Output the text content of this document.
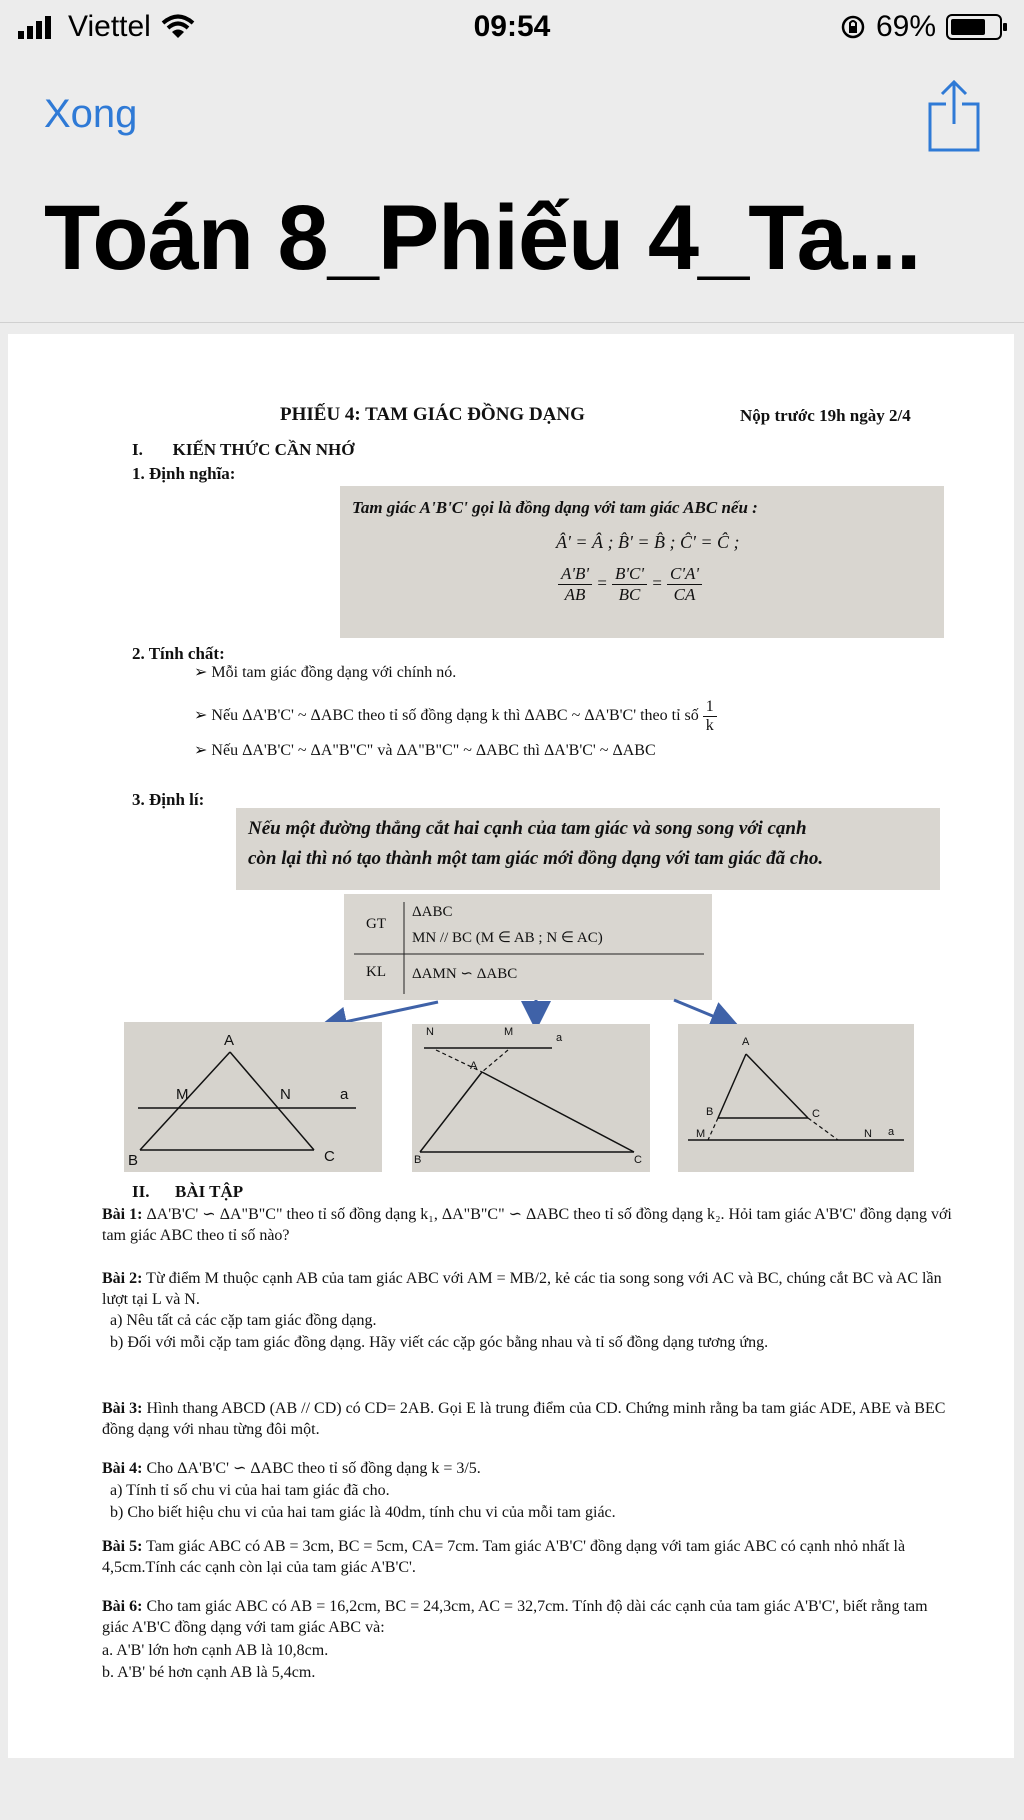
Viettel	09:54	69%
Xong
Toán 8_Phiếu 4_Ta...
PHIẾU 4: TAM GIÁC ĐỒNG DẠNG	Nộp trước 19h ngày 2/4
I.       KIẾN THỨC CẦN NHỚ
1. Định nghĩa:
Tam giác A'B'C' gọi là đồng dạng với tam giác ABC nếu :
Â' = Â ; B̂' = B̂ ; Ĉ' = Ĉ ;
$\frac{A'B'}{AB} = \frac{B'C'}{BC} = \frac{C'A'}{CA}$
2. Tính chất:
➢ Mỗi tam giác đồng dạng với chính nó.
➢ Nếu ΔA'B'C' ~ ΔABC theo tỉ số đồng dạng k thì ΔABC ~ ΔA'B'C' theo tỉ số $\frac{1}{k}$
➢ Nếu ΔA'B'C' ~ ΔA"B"C" và ΔA"B"C" ~ ΔABC thì ΔA'B'C' ~ ΔABC
3. Định lí:
Nếu một đường thẳng cắt hai cạnh của tam giác và song song với cạnh
còn lại thì nó tạo thành một tam giác mới đồng dạng với tam giác đã cho.
GT
ΔABC
MN // BC (M ∈ AB ; N ∈ AC)
KL ΔAMN ∽ ΔABC
A
M	N	a
B	C
N	M	a
A
B	C
A
B	C
M	N a
II.      BÀI TẬP
Bài 1: ΔA'B'C' ∽ ΔA"B"C" theo tỉ số đồng dạng k₁, ΔA"B"C" ∽ ΔABC theo tỉ số đồng dạng k₂. Hỏi tam giác A'B'C' đồng dạng với tam giác ABC theo tỉ số nào?
Bài 2: Từ điểm M thuộc cạnh AB của tam giác ABC với AM = MB/2, kẻ các tia song song với AC và BC, chúng cắt BC và AC lần lượt tại L và N.
a) Nêu tất cả các cặp tam giác đồng dạng.
b) Đối với mỗi cặp tam giác đồng dạng. Hãy viết các cặp góc bằng nhau và tỉ số đồng dạng tương ứng.
Bài 3: Hình thang ABCD (AB // CD) có CD= 2AB. Gọi E là trung điểm của CD. Chứng minh rằng ba tam giác ADE, ABE và BEC đồng dạng với nhau từng đôi một.
Bài 4: Cho ΔA'B'C' ∽ ΔABC theo tỉ số đồng dạng k = 3/5.
a) Tính tỉ số chu vi của hai tam giác đã cho.
b) Cho biết hiệu chu vi của hai tam giác là 40dm, tính chu vi của mỗi tam giác.
Bài 5: Tam giác ABC có AB = 3cm, BC = 5cm, CA= 7cm. Tam giác A'B'C' đồng dạng với tam giác ABC có cạnh nhỏ nhất là 4,5cm.Tính các cạnh còn lại của tam giác A'B'C'.
Bài 6: Cho tam giác ABC có AB = 16,2cm, BC = 24,3cm, AC = 32,7cm. Tính độ dài các cạnh của tam giác A'B'C', biết rằng tam giác A'B'C đồng dạng với tam giác ABC và:
a. A'B' lớn hơn cạnh AB là 10,8cm.
b. A'B' bé hơn cạnh AB là 5,4cm.
